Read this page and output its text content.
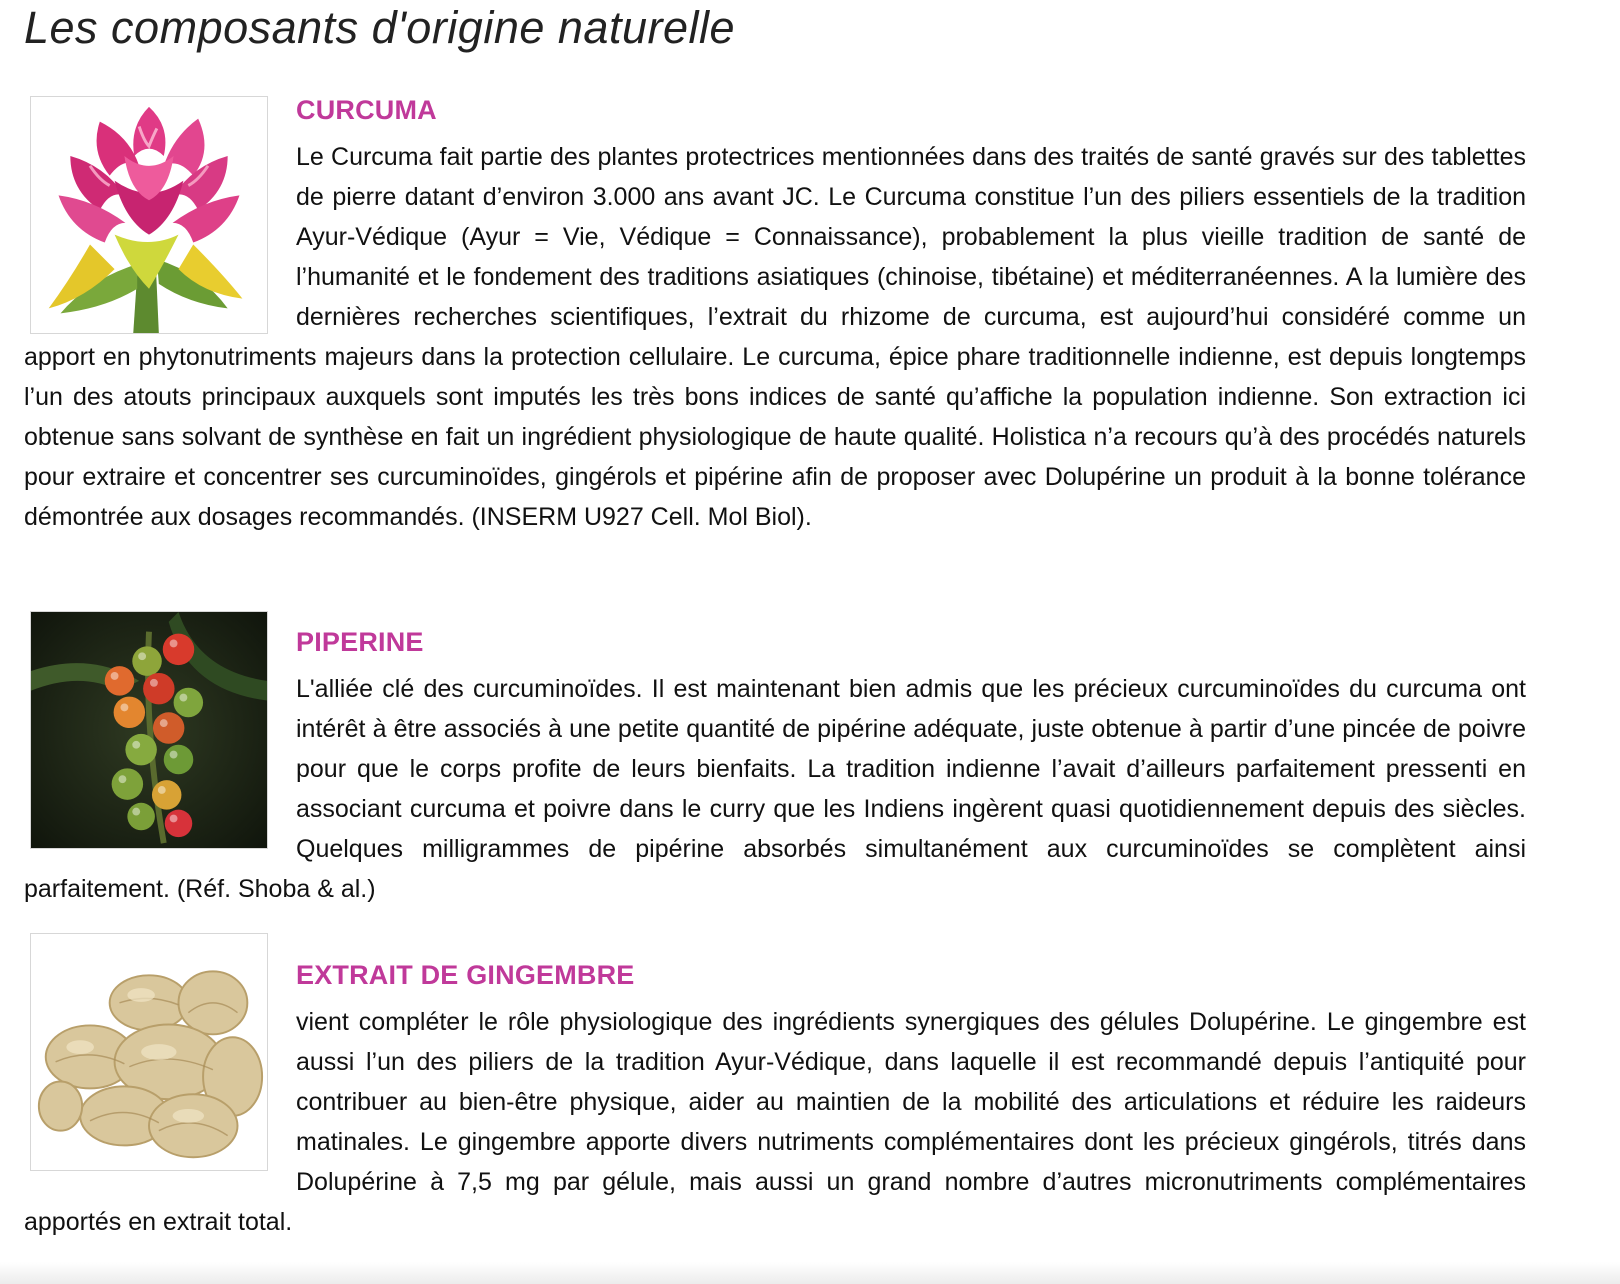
Les composants d'origine naturelle
CURCUMA

Le Curcuma fait partie des plantes protectrices mentionnées dans des traités de santé gravés sur des tablettes de pierre datant d’environ 3.000 ans avant JC. Le Curcuma constitue l’un des piliers essentiels de la tradition Ayur-Védique (Ayur = Vie, Védique = Connaissance), probablement la plus vieille tradition de santé de l’humanité et le fondement des traditions asiatiques (chinoise, tibétaine) et méditerranéennes. A la lumière des dernières recherches scientifiques, l’extrait du rhizome de curcuma, est aujourd’hui considéré comme un apport en phytonutriments majeurs dans la protection cellulaire. Le curcuma, épice phare traditionnelle indienne, est depuis longtemps l’un des atouts principaux auxquels sont imputés les très bons indices de santé qu’affiche la population indienne. Son extraction ici obtenue sans solvant de synthèse en fait un ingrédient physiologique de haute qualité. Holistica n’a recours qu’à des procédés naturels pour extraire et concentrer ses curcuminoïdes, gingérols et pipérine afin de proposer avec Dolupérine un produit à la bonne tolérance démontrée aux dosages recommandés. (INSERM U927 Cell. Mol Biol).

PIPERINE

L'alliée clé des curcuminoïdes. Il est maintenant bien admis que les précieux curcuminoïdes du curcuma ont intérêt à être associés à une petite quantité de pipérine adéquate, juste obtenue à partir d’une pincée de poivre pour que le corps profite de leurs bienfaits. La tradition indienne l’avait d’ailleurs parfaitement pressenti en associant curcuma et poivre dans le curry que les Indiens ingèrent quasi quotidiennement depuis des siècles. Quelques milligrammes de pipérine absorbés simultanément aux curcuminoïdes se complètent ainsi parfaitement. (Réf. Shoba & al.)

EXTRAIT DE GINGEMBRE

vient compléter le rôle physiologique des ingrédients synergiques des gélules Dolupérine. Le gingembre est aussi l’un des piliers de la tradition Ayur-Védique, dans laquelle il est recommandé depuis l’antiquité pour contribuer au bien-être physique, aider au maintien de la mobilité des articulations et réduire les raideurs matinales. Le gingembre apporte divers nutriments complémentaires dont les précieux gingérols, titrés dans Dolupérine à 7,5 mg par gélule, mais aussi un grand nombre d’autres micronutriments complémentaires apportés en extrait total.
